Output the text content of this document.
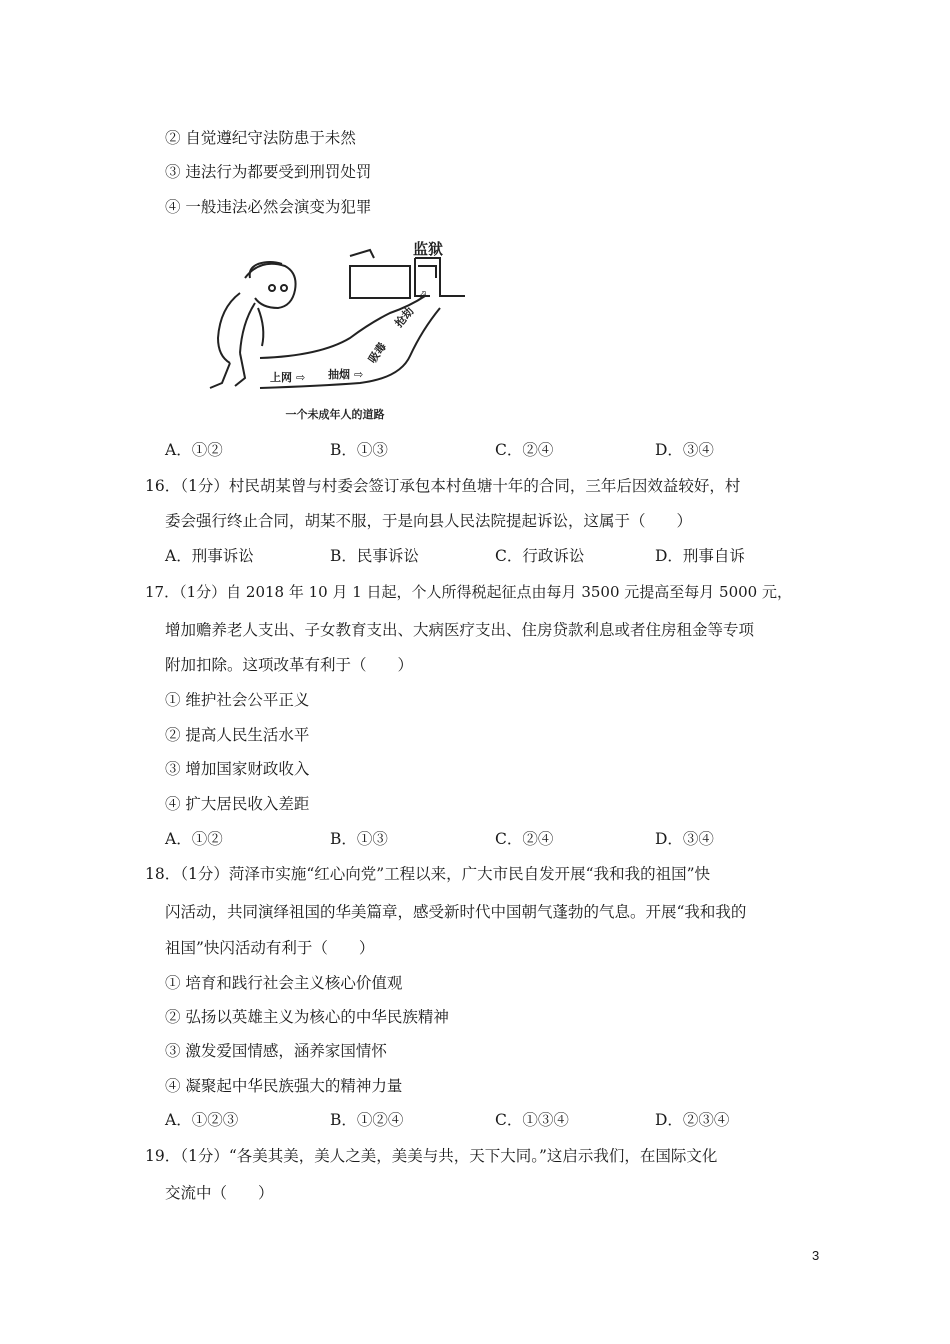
② 自觉遵纪守法防患于未然
③ 违法行为都要受到刑罚处罚
④ 一般违法必然会演变为犯罪
监狱
上网 ⇨ 抽烟 ⇨
吸毒
抢劫
⇨
一个未成年人的道路
A．①②	B．①③	C．②④	D．③④
16．（1分）村民胡某曾与村委会签订承包本村鱼塘十年的合同，三年后因效益较好，村
委会强行终止合同，胡某不服，于是向县人民法院提起诉讼，这属于（　　）
A．刑事诉讼	B．民事诉讼	C．行政诉讼	D．刑事自诉
17．（1分）自 2018 年 10 月 1 日起，个人所得税起征点由每月 3500 元提高至每月 5000 元，
增加赡养老人支出、子女教育支出、大病医疗支出、住房贷款利息或者住房租金等专项
附加扣除。这项改革有利于（　　）
① 维护社会公平正义
② 提高人民生活水平
③ 增加国家财政收入
④ 扩大居民收入差距
A．①②	B．①③	C．②④	D．③④
18．（1分）菏泽市实施“红心向党”工程以来，广大市民自发开展“我和我的祖国”快
闪活动，共同演绎祖国的华美篇章，感受新时代中国朝气蓬勃的气息。开展“我和我的
祖国”快闪活动有利于（　　）
① 培育和践行社会主义核心价值观
② 弘扬以英雄主义为核心的中华民族精神
③ 激发爱国情感，涵养家国情怀
④ 凝聚起中华民族强大的精神力量
A．①②③	B．①②④	C．①③④	D．②③④
19．（1分）“各美其美，美人之美，美美与共，天下大同。”这启示我们，在国际文化
交流中（　　）
3
